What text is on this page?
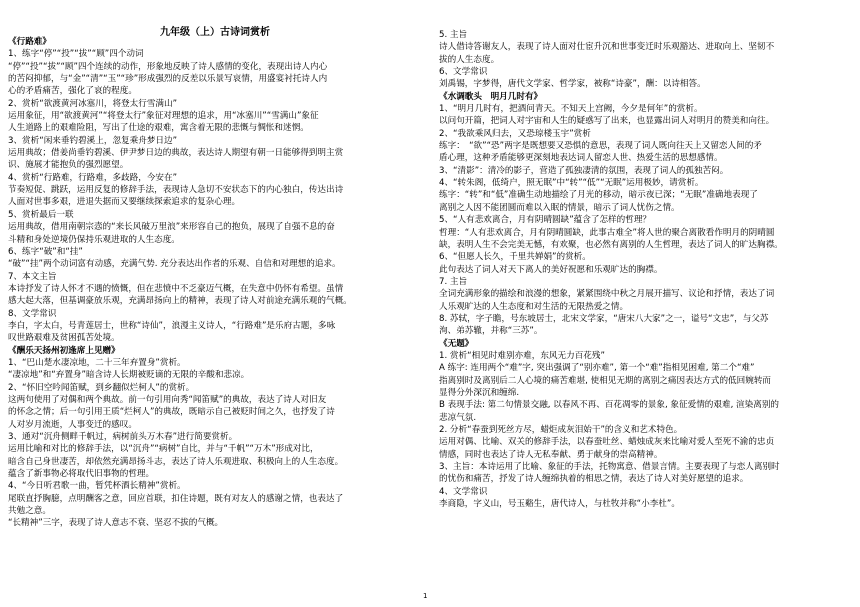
九年级（上）古诗词赏析
《行路难》
1、练字“停”“投”“拔”“顾”四个动词
“停”“投”“拔”“顾”四个连续的动作，形象地反映了诗人感情的变化，表现出诗人内心
的苦闷抑郁，与“金”“清”“玉”“珍”形成强烈的反差以乐景写哀情，用盛宴衬托诗人内
心的矛盾痛苦，强化了哀的程度。
2、赏析“欲渡黄河冰塞川，将登太行雪满山”
运用象征，用“欲渡黄河”“将登太行”象征对理想的追求，用“冰塞川”“雪满山”象征
人生道路上的艰难险阻，写出了仕途的艰难，寓含着无限的悲慨与惆怅和迷惘。
3、赏析“闲来垂钓碧溪上，忽复乘舟梦日边”
运用典故；借姜尚垂钓碧溪、伊尹梦日边的典故，表达诗人期望有朝一日能够得到明主赏
识、施展才能抱负的强烈愿望。
4、赏析“行路难，行路难，多歧路，今安在”
节奏短促、跳跃，运用反复的修辞手法，表现诗人急切不安状态下的内心独白，传达出诗
人面对世事多艰，进退失据而又要继续探索追求的复杂心理。
5、赏析最后一联
运用典故，借用南朝宗悫的“来长风破万里浪”来形容自己的抱负，展现了自强不息的奋
斗精和身处逆境仍保持乐观进取的人生态度。
6、练字“破”和“挂”
“破”“挂”两个动词富有动感，充满气势. 充分表达出作者的乐观、自信和对理想的追求。
7、本文主旨
本诗抒发了诗人怀才不遇的愤慨，但在悲愤中不乏豪迈气概，在失意中仍怀有希望。虽情
感大起大落，但基调豪放乐观，充满昂扬向上的精神，表现了诗人对前途充满乐观的气概。
8、文学常识
李白，字太白，号青莲居士，世称“诗仙”，浪漫主义诗人，“行路难”是乐府古题，多咏
叹世路艰难及贫困孤苦处境。
《酬乐天扬州初逢席上见赠》
1、“巴山楚水凄凉地，二十三年弃置身”赏析。
“凄凉地”和“弃置身”暗含诗人长期被贬谪的无限的辛酸和悲凉。
2、“怀旧空吟闻笛赋，到乡翻似烂柯人”的赏析。
这两句使用了对偶和两个典故。前一句引用向秀“闻笛赋”的典故，表达了诗人对旧友
的怀念之情；后一句引用王质“烂柯人”的典故，既暗示自己被贬时间之久，也抒发了诗
人对岁月流逝，人事变迁的感叹。
3、通对“沉舟侧畔千帆过，病树前头万木春”进行简要赏析。
运用比喻和对比的修辞手法，以“沉舟”“病树”自比，并与“千帆”“万木”形成对比，
暗含自己身世凄苦，却依然充满昂扬斗志，表达了诗人乐观进取、积极向上的人生态度。
蕴含了新事物必将取代旧事物的哲理。
4、“今日听君歌一曲，暂凭杯酒长精神”赏析。
尾联直抒胸臆，点明酬客之意，回应首联，扣住诗题，既有对友人的感谢之情，也表达了
共勉之意。
“长精神”三字，表现了诗人意志不衰、坚忍不拔的气概。
5. 主旨
诗人借诗答谢友人，表现了诗人面对仕宦升沉和世事变迁时乐观豁达、进取向上、坚韧不
拔的人生态度。
6、文学常识
刘禹锡，字梦得，唐代文学家、哲学家，被称“诗豪”，酬：以诗相答。
《水调歌头　明月几时有》
1、“明月几时有，把酒问青天。不知天上宫阙，今夕是何年”的赏析。
以问句开篇，把词人对宇宙和人生的疑惑写了出来，也显露出词人对明月的赞美和向往。
2、“我欲乘风归去，又恐琼楼玉宇”赏析
练字：　“欲”“恐”两字是既想要又恐惧的意思，表现了词人既向往天上又留恋人间的矛
盾心理，这种矛盾能够更深刻地表达词人留恋人世、热爱生活的思想感情。
3、“清影”：清冷的影子，营造了孤独凄清的氛围，表现了词人的孤独苦闷。
4、“转朱阁，低绮户，照无眠”中“转”“低”“无眠”运用极妙，请赏析。
练字：“转”和“低”准确生动地描绘了月光的移动，暗示夜已深；“无眠”准确地表现了
离别之人因不能团圆而难以入眠的情景，暗示了词人忧伤之情。
5、“人有悲欢离合，月有阴晴圆缺”蕴含了怎样的哲理？
哲理：“人有悲欢离合，月有阴晴圆缺，此事古难全”将人世的聚合离散看作明月的阴晴圆
缺，表明人生不会完美无憾，有欢聚，也必然有离别的人生哲理，表达了词人的旷达胸襟。
6、“但愿人长久，千里共婵娟”的赏析。
此句表达了词人对天下离人的美好祝愿和乐观旷达的胸襟。
7. 主旨
全词充满形象的描绘和浪漫的想象，紧紧围绕中秋之月展开描写、议论和抒情，表达了词
人乐观旷达的人生态度和对生活的无限热爱之情。
8. 苏轼，字子瞻，号东坡居士，北宋文学家，“唐宋八大家”之一，谥号“文忠”，与父苏
洵、弟苏辙，并称“三苏”。
《无题》
1. 赏析“相见时难别亦难，东风无力百花残”
A 练字: 连用两个“难”字, 突出强调了“别亦难”, 第一个“难”指相见困难, 第二个“难”
指离别时及离别后二人心境的痛苦难堪, 使相见无期的离别之痛因表达方式的低回婉转而
显得分外深沉和缠绵.
B 表现手法: 第二句情景交融, 以春风不再、百花凋零的景象, 象征爱情的艰难, 渲染离别的
悲凉气氛.
2. 分析“春蚕到死丝方尽，蜡炬成灰泪始干”的含义和艺术特色。
运用对偶、比喻、双关的修辞手法，以春蚕吐丝、蜡烛成灰来比喻对爱人至死不渝的忠贞
情感，同时也表达了诗人无私奉献、勇于献身的崇高精神。
3、主旨：本诗运用了比喻、象征的手法，托物寓意、借景言情。主要表现了与恋人离别时
的忧伤和痛苦，抒发了诗人缠绵执着的相思之情，表达了诗人对美好愿望的追求。
4、文学常识
李商隐，字义山，号玉谿生，唐代诗人，与杜牧并称“小李杜”。
1
